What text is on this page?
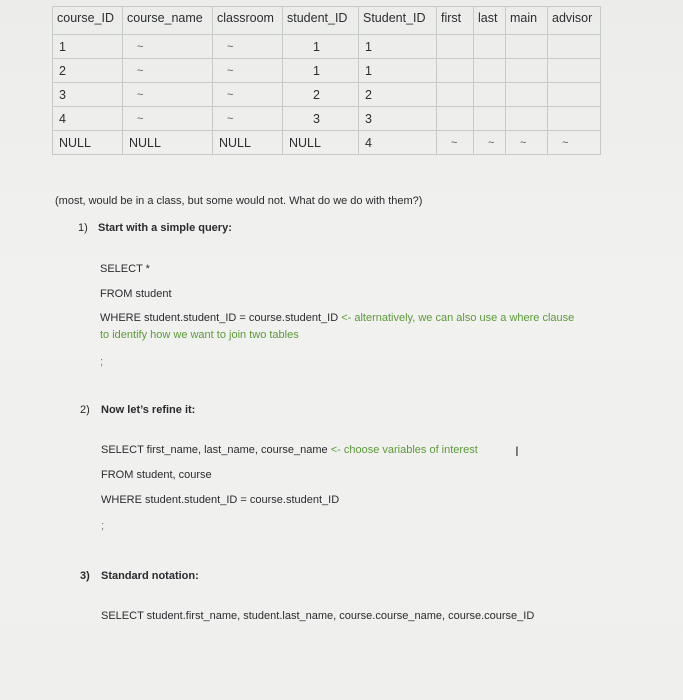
course_ID	course_name	classroom	student_ID	Student_ID	first	last	main	advisor
1	~	~	1	1				
2	~	~	1	1				
3	~	~	2	2				
4	~	~	3	3				
NULL	NULL	NULL	NULL	4	~	~	~	~
(most, would be in a class, but some would not. What do we do with them?)
1) Start with a simple query:
SELECT *
FROM student
WHERE student.student_ID = course.student_ID <- alternatively, we can also use a where clause
to identify how we want to join two tables
;
2) Now let’s refine it:
SELECT first_name, last_name, course_name <- choose variables of interest	I
FROM student, course
WHERE student.student_ID = course.student_ID
;
3) Standard notation:
SELECT student.first_name, student.last_name, course.course_name, course.course_ID
